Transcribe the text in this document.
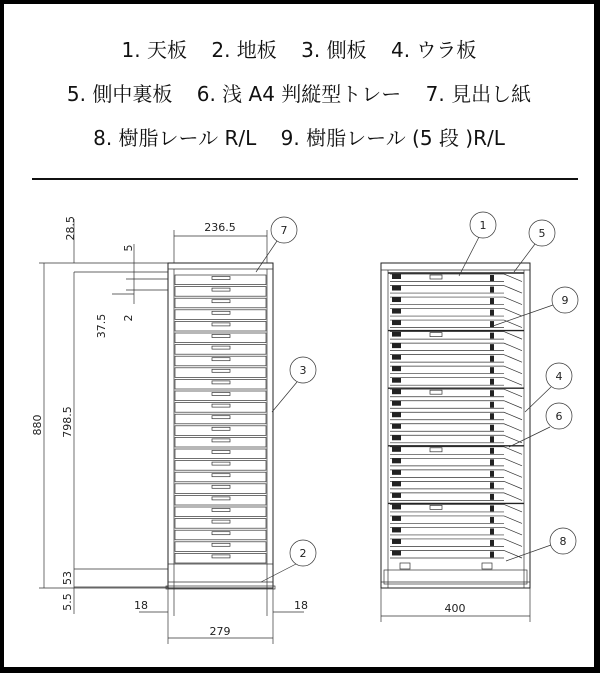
1. 天板 2. 地板 3. 側板 4. ウラ板
5. 側中裏板 6. 浅 A4 判縦型トレー 7. 見出し紙
8. 樹脂レール R/L 9. 樹脂レール (5 段 )R/L
28.5	236.5
5
37.5 2
880 798.5
53
5.5	18	18
279
7
3
2
400
1
5
9
4
6
8
